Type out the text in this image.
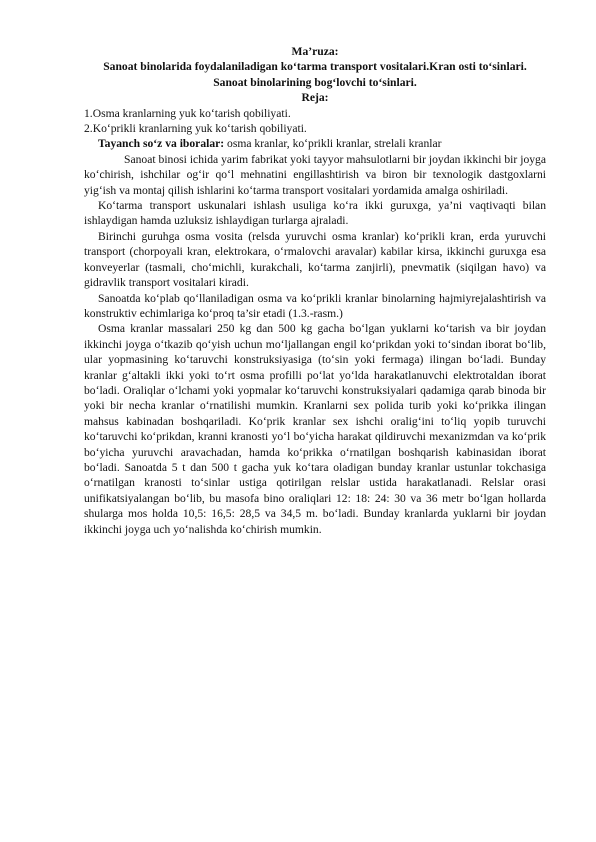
Ma’ruza:
Sanoat binolarida foydalaniladigan ko‘tarma transport vositalari.Kran osti to‘sinlari. Sanoat binolarining bog‘lovchi to‘sinlari.
Reja:
1.Osma kranlarning yuk ko‘tarish qobiliyati.
2.Ko‘prikli kranlarning yuk ko‘tarish qobiliyati.

Tayanch so‘z va iboralar: osma kranlar, ko‘prikli kranlar, strelali kranlar

Sanoat binosi ichida yarim fabrikat yoki tayyor mahsulotlarni bir joydan ikkinchi bir joyga ko‘chirish, ishchilar og‘ir qo‘l mehnatini engillashtirish va biron bir texnologik dastgoxlarni yig‘ish va montaj qilish ishlarini ko‘tarma transport vositalari yordamida amalga oshiriladi.

Ko‘tarma transport uskunalari ishlash usuliga ko‘ra ikki guruxga, ya’ni vaqtivaqti bilan ishlaydigan hamda uzluksiz ishlaydigan turlarga ajraladi.

Birinchi guruhga osma vosita (relsda yuruvchi osma kranlar) ko‘prikli kran, erda yuruvchi transport (chorpoyali kran, elektrokara, o‘rmalovchi aravalar) kabilar kirsa, ikkinchi guruxga esa konveyerlar (tasmali, cho‘michli, kurakchali, ko‘tarma zanjirli), pnevmatik (siqilgan havo) va gidravlik transport vositalari kiradi.

Sanoatda ko‘plab qo‘llaniladigan osma va ko‘prikli kranlar binolarning hajmiyrejalashtirish va konstruktiv echimlariga ko‘proq ta’sir etadi (1.3.-rasm.)

Osma kranlar massalari 250 kg dan 500 kg gacha bo‘lgan yuklarni ko‘tarish va bir joydan ikkinchi joyga o‘tkazib qo‘yish uchun mo‘ljallangan engil ko‘prikdan yoki to‘sindan iborat bo‘lib, ular yopmasining ko‘taruvchi konstruksiyasiga (to‘sin yoki fermaga) ilingan bo‘ladi. Bunday kranlar g‘altakli ikki yoki to‘rt osma profilli po‘lat yo‘lda harakatlanuvchi elektrotaldan iborat bo‘ladi. Oraliqlar o‘lchami yoki yopmalar ko‘taruvchi konstruksiyalari qadamiga qarab binoda bir yoki bir necha kranlar o‘rnatilishi mumkin. Kranlarni sex polida turib yoki ko‘prikka ilingan mahsus kabinadan boshqariladi. Ko‘prik kranlar sex ishchi oralig‘ini to‘liq yopib turuvchi ko‘taruvchi ko‘prikdan, kranni kranosti yo‘l bo‘yicha harakat qildiruvchi mexanizmdan va ko‘prik bo‘yicha yuruvchi aravachadan, hamda ko‘prikka o‘rnatilgan boshqarish kabinasidan iborat bo‘ladi. Sanoatda 5 t dan 500 t gacha yuk ko‘tara oladigan bunday kranlar ustunlar tokchasiga o‘rnatilgan kranosti to‘sinlar ustiga qotirilgan relslar ustida harakatlanadi. Relslar orasi unifikatsiyalangan bo‘lib, bu masofa bino oraliqlari 12: 18: 24: 30 va 36 metr bo‘lgan hollarda shularga mos holda 10,5: 16,5: 28,5 va 34,5 m. bo‘ladi. Bunday kranlarda yuklarni bir joydan ikkinchi joyga uch yo‘nalishda ko‘chirish mumkin.
